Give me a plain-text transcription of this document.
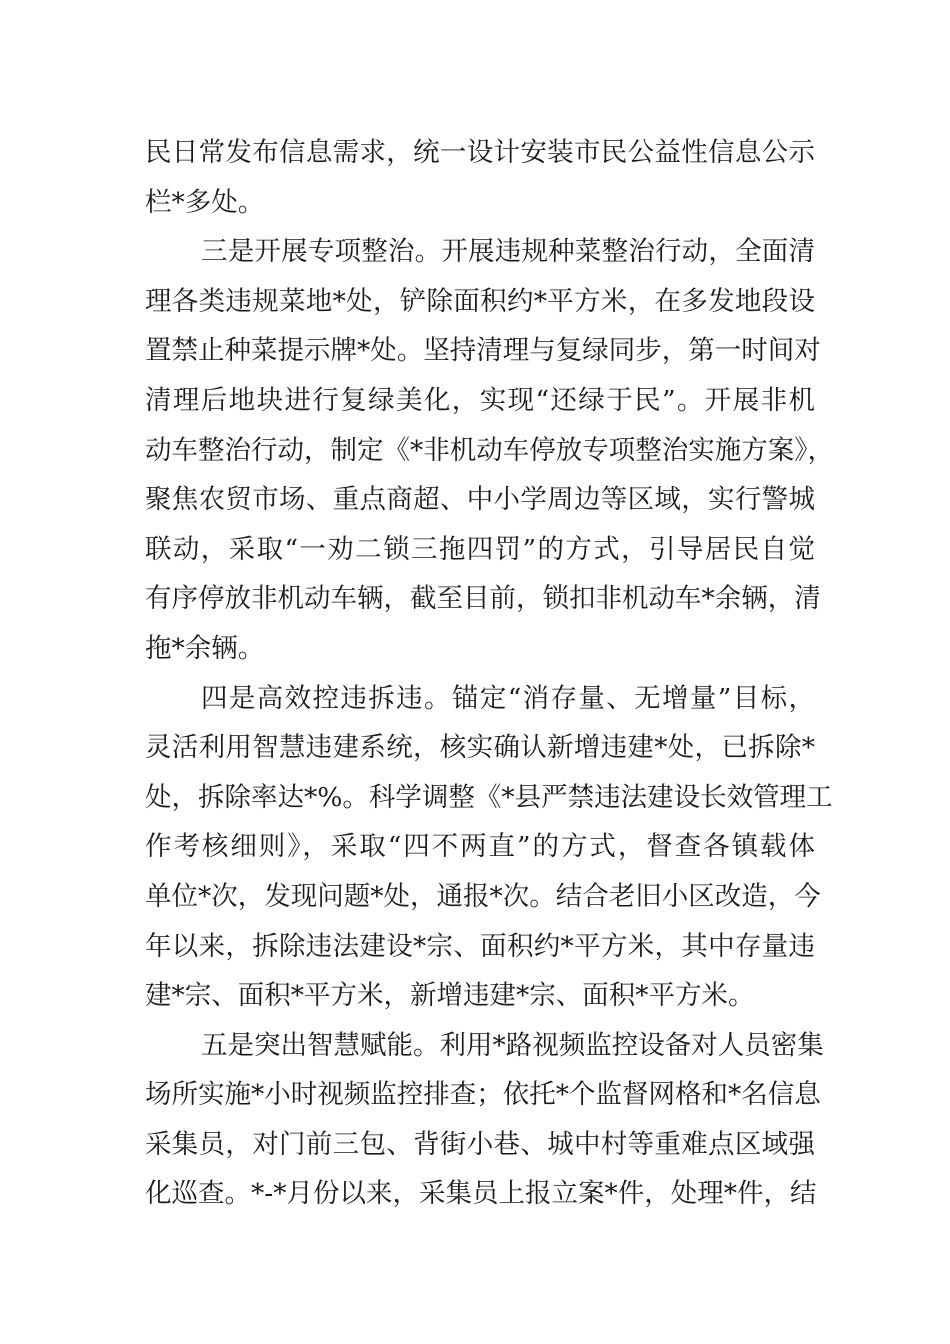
民日常发布信息需求，统一设计安装市民公益性信息公示
栏*多处。
三是开展专项整治。开展违规种菜整治行动，全面清
理各类违规菜地*处，铲除面积约*平方米，在多发地段设
置禁止种菜提示牌*处。坚持清理与复绿同步，第一时间对
清理后地块进行复绿美化，实现“还绿于民”。开展非机
动车整治行动，制定《*非机动车停放专项整治实施方案》，
聚焦农贸市场、重点商超、中小学周边等区域，实行警城
联动，采取“一劝二锁三拖四罚”的方式，引导居民自觉
有序停放非机动车辆，截至目前，锁扣非机动车*余辆，清
拖*余辆。
四是高效控违拆违。锚定“消存量、无增量”目标，
灵活利用智慧违建系统，核实确认新增违建*处，已拆除*
处，拆除率达*%。科学调整《*县严禁违法建设长效管理工
作考核细则》，采取“四不两直”的方式，督查各镇载体
单位*次，发现问题*处，通报*次。结合老旧小区改造，今
年以来，拆除违法建设*宗、面积约*平方米，其中存量违
建*宗、面积*平方米，新增违建*宗、面积*平方米。
五是突出智慧赋能。利用*路视频监控设备对人员密集
场所实施*小时视频监控排查；依托*个监督网格和*名信息
采集员，对门前三包、背街小巷、城中村等重难点区域强
化巡查。*-*月份以来，采集员上报立案*件，处理*件，结
